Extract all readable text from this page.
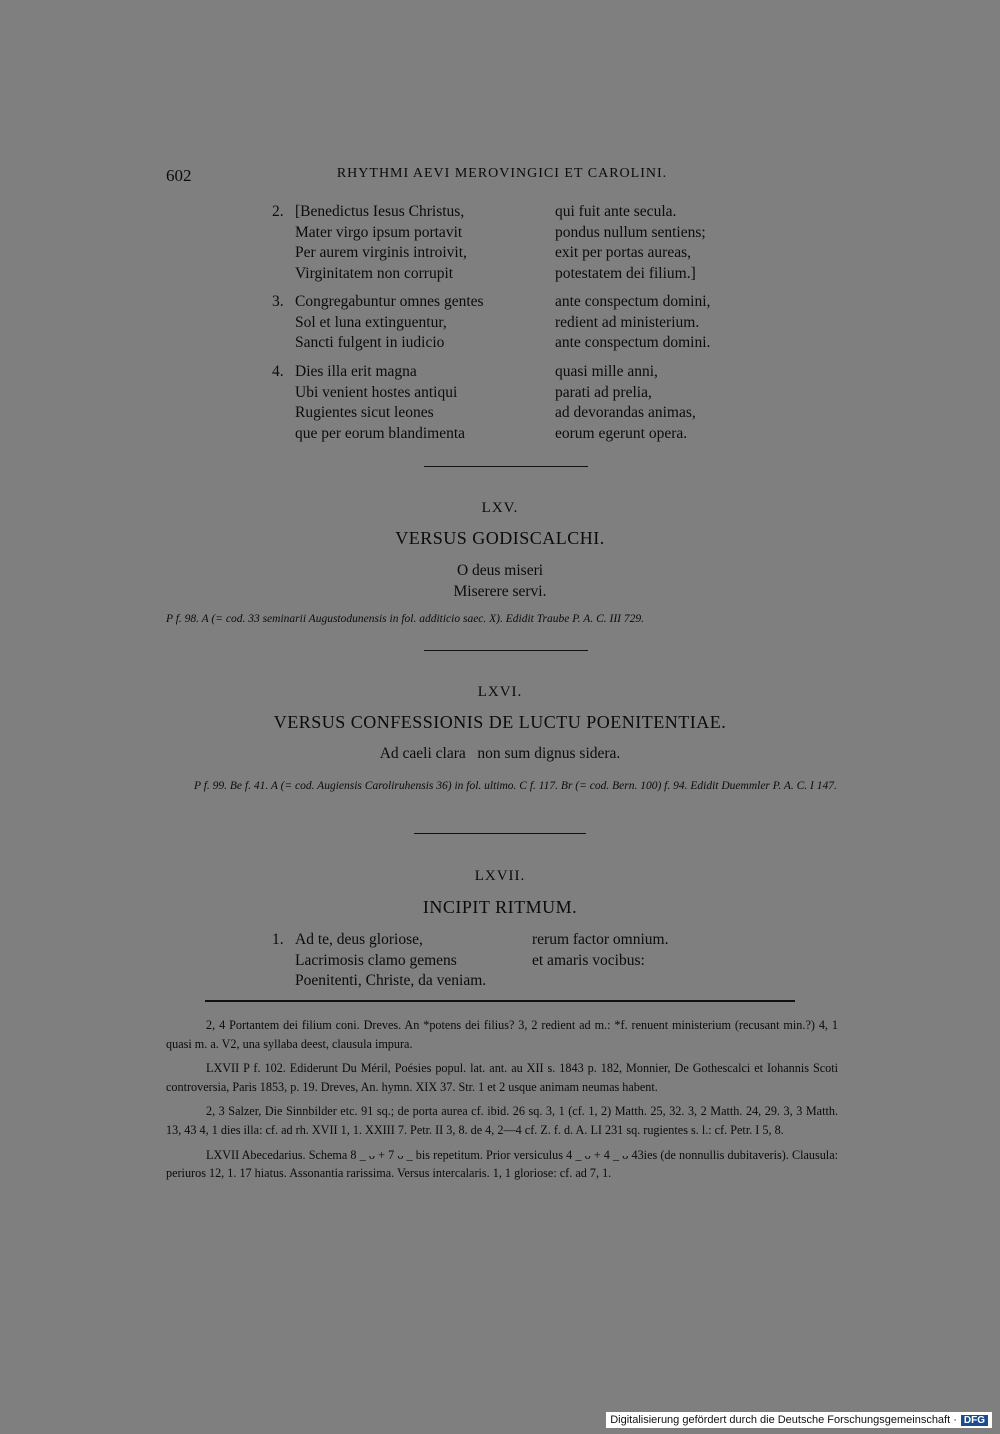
602	RHYTHMI AEVI MEROVINGICI ET CAROLINI.
2. [Benedictus Iesus Christus,	qui fuit ante secula.
Mater virgo ipsum portavit	pondus nullum sentiens;
Per aurem virginis introivit,	exit per portas aureas,
Virginitatem non corrupit	potestatem dei filium.]
3. Congregabuntur omnes gentes	ante conspectum domini,
Sol et luna extinguentur,	redient ad ministerium.
Sancti fulgent in iudicio	ante conspectum domini.
4. Dies illa erit magna	quasi mille anni,
Ubi venient hostes antiqui	parati ad prelia,
Rugientes sicut leones	ad devorandas animas,
que per eorum blandimenta	eorum egerunt opera.
LXV.
VERSUS GODISCALCHI.
O deus miseri
Miserere servi.
P f. 98. A (= cod. 33 seminarii Augustodunensis in fol. additicio saec. X). Edidit Traube P. A. C. III 729.
LXVI.
VERSUS CONFESSIONIS DE LUCTU POENITENTIAE.
Ad caeli clara   non sum dignus sidera.
P f. 99. Be f. 41. A (= cod. Augiensis Caroliruhensis 36) in fol. ultimo. C f. 117. Br (= cod. Bern. 100) f. 94. Edidit Duemmler P. A. C. I 147.
LXVII.
INCIPIT RITMUM.
1. Ad te, deus gloriose,	rerum factor omnium.
Lacrimosis clamo gemens	et amaris vocibus:
Poenitenti, Christe, da veniam.

2, 4 Portantem dei filium coni. Dreves. An *potens dei filius? 3, 2 redient ad m.: *f. renuent ministerium (recusant min.?) 4, 1 quasi m. a. V2, una syllaba deest, clausula impura.

LXVII P f. 102. Ediderunt Du Méril, Poésies popul. lat. ant. au XII s. 1843 p. 182, Monnier, De Gothescalci et Iohannis Scoti controversia, Paris 1853, p. 19. Dreves, An. hymn. XIX 37. Str. 1 et 2 usque animam neumas habent.

2, 3 Salzer, Die Sinnbilder etc. 91 sq.; de porta aurea cf. ibid. 26 sq. 3, 1 (cf. 1, 2) Matth. 25, 32. 3, 2 Matth. 24, 29. 3, 3 Matth. 13, 43 4, 1 dies illa: cf. ad rh. XVII 1, 1. XXIII 7. Petr. II 3, 8. de 4, 2—4 cf. Z. f. d. A. LI 231 sq. rugientes s. l.: cf. Petr. I 5, 8.

LXVII Abecedarius. Schema 8 _ ᴗ + 7 ᴗ _ bis repetitum. Prior versiculus 4 _ ᴗ + 4 _ ᴗ 43ies (de nonnullis dubitaveris). Clausula: periuros 12, 1. 17 hiatus. Assonantia rarissima. Versus intercalaris. 1, 1 gloriose: cf. ad 7, 1.

Digitalisierung gefördert durch die Deutsche Forschungsgemeinschaft · DFG
